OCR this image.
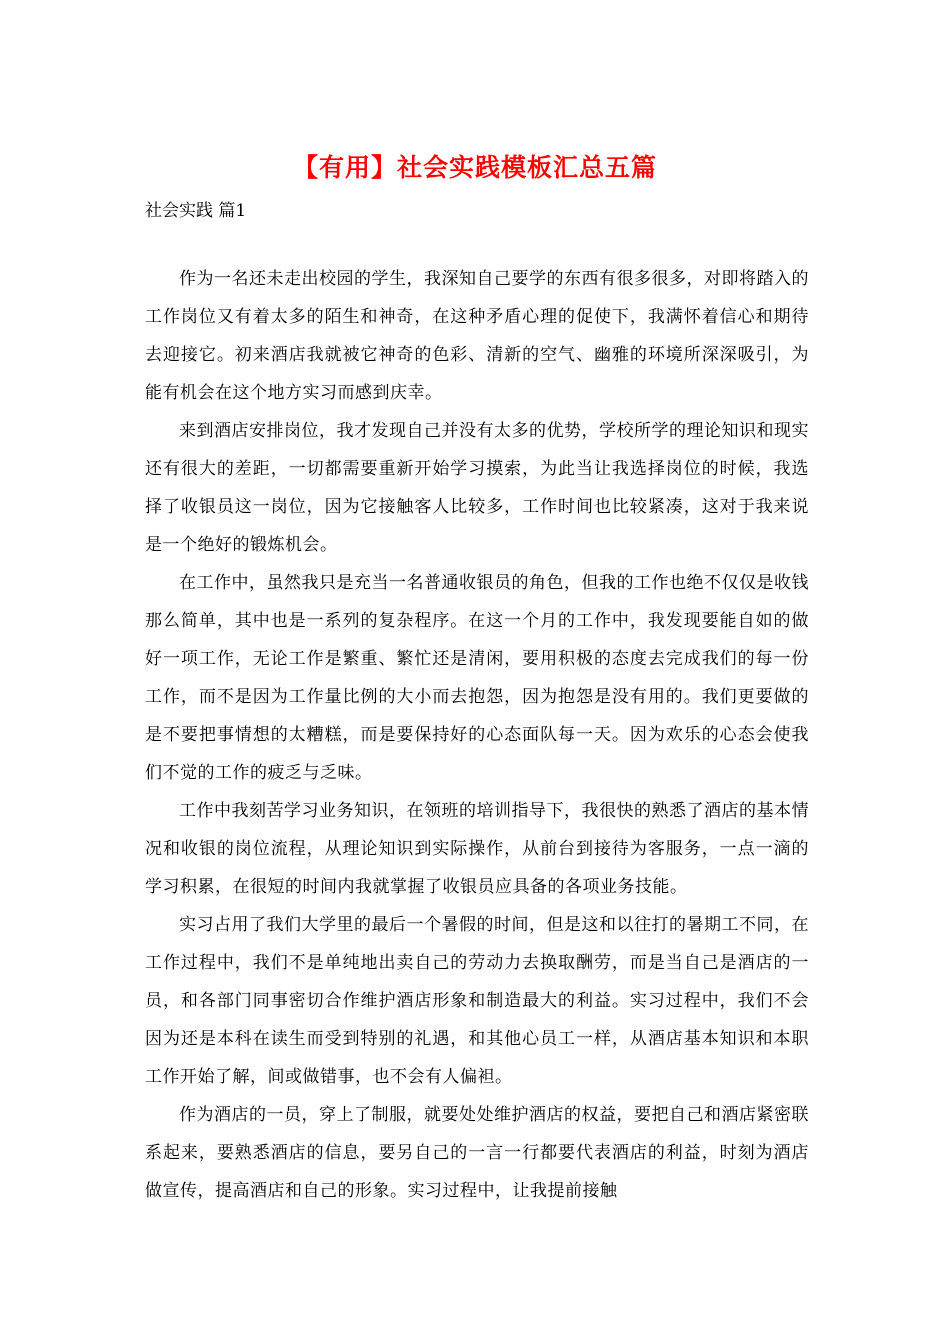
【有用】社会实践模板汇总五篇

社会实践 篇1

作为一名还未走出校园的学生，我深知自己要学的东西有很多很多，对即将踏入的工作岗位又有着太多的陌生和神奇，在这种矛盾心理的促使下，我满怀着信心和期待去迎接它。初来酒店我就被它神奇的色彩、清新的空气、幽雅的环境所深深吸引，为能有机会在这个地方实习而感到庆幸。

来到酒店安排岗位，我才发现自己并没有太多的优势，学校所学的理论知识和现实还有很大的差距，一切都需要重新开始学习摸索，为此当让我选择岗位的时候，我选择了收银员这一岗位，因为它接触客人比较多，工作时间也比较紧凑，这对于我来说是一个绝好的锻炼机会。

在工作中，虽然我只是充当一名普通收银员的角色，但我的工作也绝不仅仅是收钱那么简单，其中也是一系列的复杂程序。在这一个月的工作中，我发现要能自如的做好一项工作，无论工作是繁重、繁忙还是清闲，要用积极的态度去完成我们的每一份工作，而不是因为工作量比例的大小而去抱怨，因为抱怨是没有用的。我们更要做的是不要把事情想的太糟糕，而是要保持好的心态面队每一天。因为欢乐的心态会使我们不觉的工作的疲乏与乏味。

工作中我刻苦学习业务知识，在领班的培训指导下，我很快的熟悉了酒店的基本情况和收银的岗位流程，从理论知识到实际操作，从前台到接待为客服务，一点一滴的学习积累，在很短的时间内我就掌握了收银员应具备的各项业务技能。

实习占用了我们大学里的最后一个暑假的时间，但是这和以往打的暑期工不同，在工作过程中，我们不是单纯地出卖自己的劳动力去换取酬劳，而是当自己是酒店的一员，和各部门同事密切合作维护酒店形象和制造最大的利益。实习过程中，我们不会因为还是本科在读生而受到特别的礼遇，和其他心员工一样，从酒店基本知识和本职工作开始了解，间或做错事，也不会有人偏袒。

作为酒店的一员，穿上了制服，就要处处维护酒店的权益，要把自己和酒店紧密联系起来，要熟悉酒店的信息，要另自己的一言一行都要代表酒店的利益，时刻为酒店做宣传，提高酒店和自己的形象。实习过程中，让我提前接触
